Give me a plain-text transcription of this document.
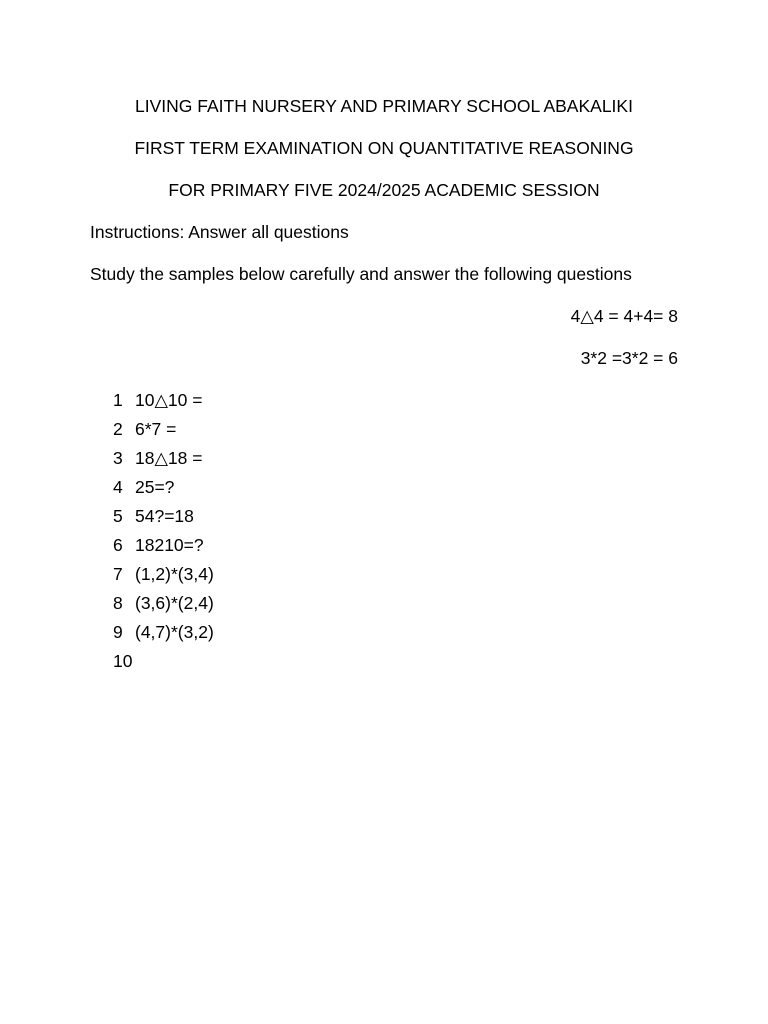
LIVING FAITH NURSERY AND PRIMARY SCHOOL ABAKALIKI
FIRST TERM EXAMINATION ON QUANTITATIVE REASONING
FOR PRIMARY FIVE 2024/2025 ACADEMIC SESSION
Instructions: Answer all questions
Study the samples below carefully and answer the following questions
4△4 = 4+4= 8
3*2 =3*2 = 6
1 10△10 =
2 6*7 =
3 18△18 =
4 25=?
5 54?=18
6 18210=?
7 (1,2)*(3,4)
8 (3,6)*(2,4)
9 (4,7)*(3,2)
10
